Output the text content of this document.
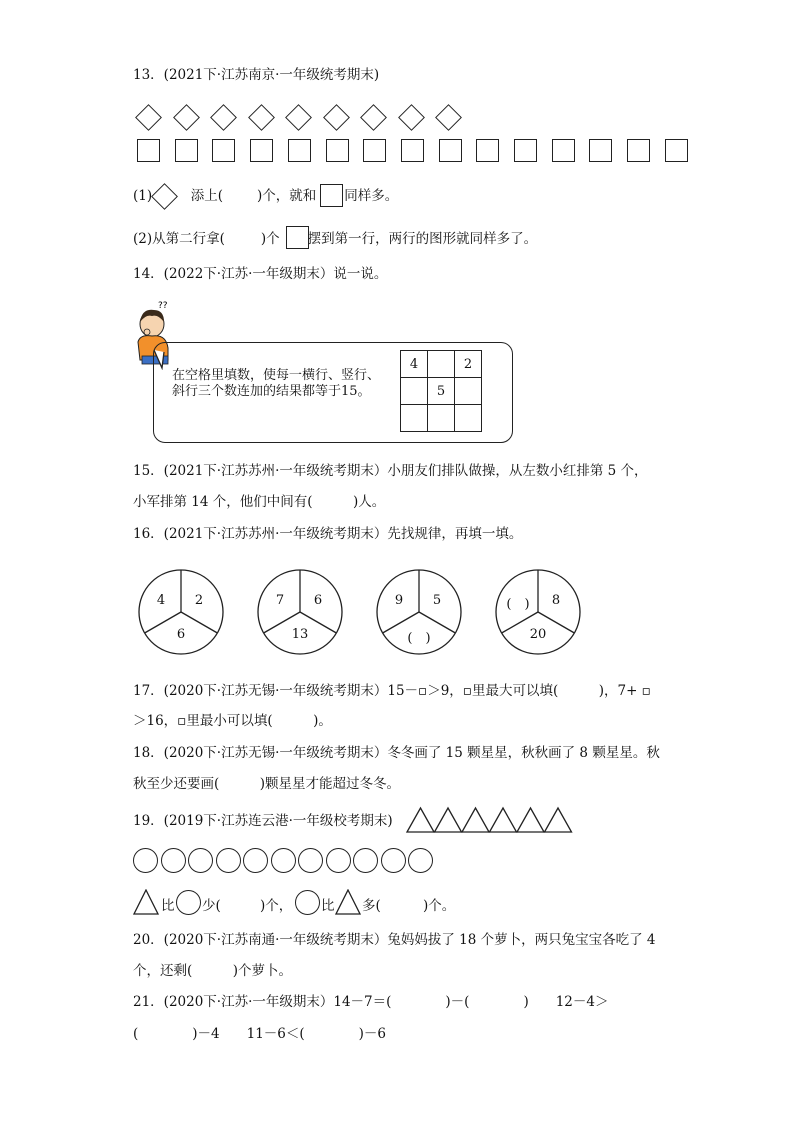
13．(2021下·江苏南京·一年级统考期末)
(1)	添上(	)个，就和 同样多。
(2)从第二行拿(	)个 摆到第一行，两行的图形就同样多了。
14．(2022下·江苏·一年级期末）说一说。
??
在空格里填数，使每一横行、竖行、
斜行三个数连加的结果都等于15。
4		2
	5	

15．(2021下·江苏苏州·一年级统考期末）小朋友们排队做操，从左数小红排第 5 个，
小军排第 14 个，他们中间有(　　　)人。
16．(2021下·江苏苏州·一年级统考期末）先找规律，再填一填。
4	2
6
7	6
13
9	5
(　)
(　)	8
20
17．(2020下·江苏无锡·一年级统考期末）15－▫＞9，▫里最大可以填(　　　)，7+ ▫
＞16，▫里最小可以填(　　　)。
18．(2020下·江苏无锡·一年级统考期末）冬冬画了 15 颗星星，秋秋画了 8 颗星星。秋
秋至少还要画(　　　)颗星星才能超过冬冬。
19．(2019下·江苏连云港·一年级校考期末)
比 少(	)个， 比 多(	)个。
20．(2020下·江苏南通·一年级统考期末）兔妈妈拔了 18 个萝卜，两只兔宝宝各吃了 4
个，还剩(　　　)个萝卜。
21．(2020下·江苏·一年级期末）14－7＝(　　　　)－(　　　　)　　12－4＞
(　　　　)－4　　11－6＜(　　　　)－6
